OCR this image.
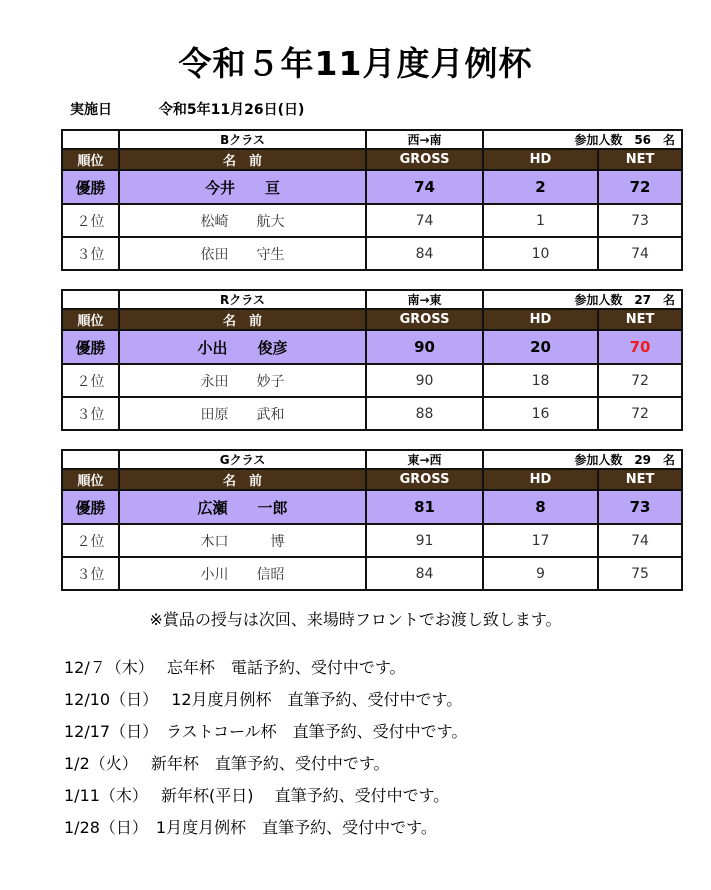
令和５年11月度月例杯
実施日	令和5年11月26日(日)
	Bクラス	西→南	参加人数　56　名	
順位	名　前	GROSS	HD	NET
優勝	今井　　亘	74	2	72
２位	松崎　　航大	74	1	73
３位	依田　　守生	84	10	74
	Rクラス	南→東	参加人数　27　名	
順位	名　前	GROSS	HD	NET
優勝	小出　　俊彦	90	20	70
２位	永田　　妙子	90	18	72
３位	田原　　武和	88	16	72
	Gクラス	東→西	参加人数　29　名	
順位	名　前	GROSS	HD	NET
優勝	広瀬　　一郎	81	8	73
２位	木口　　　博	91	17	74
３位	小川　　信昭	84	9	75
※賞品の授与は次回、来場時フロントでお渡し致します。
12/７（木）　 忘年杯　電話予約、受付中です。
12/10（日）　 12月度月例杯　直筆予約、受付中です。
12/17（日）　ラストコール杯　直筆予約、受付中です。
1/2（火）　 新年杯　直筆予約、受付中です。
1/11（木）　 新年杯(平日)　 直筆予約、受付中です。
1/28（日）　1月度月例杯　直筆予約、受付中です。
